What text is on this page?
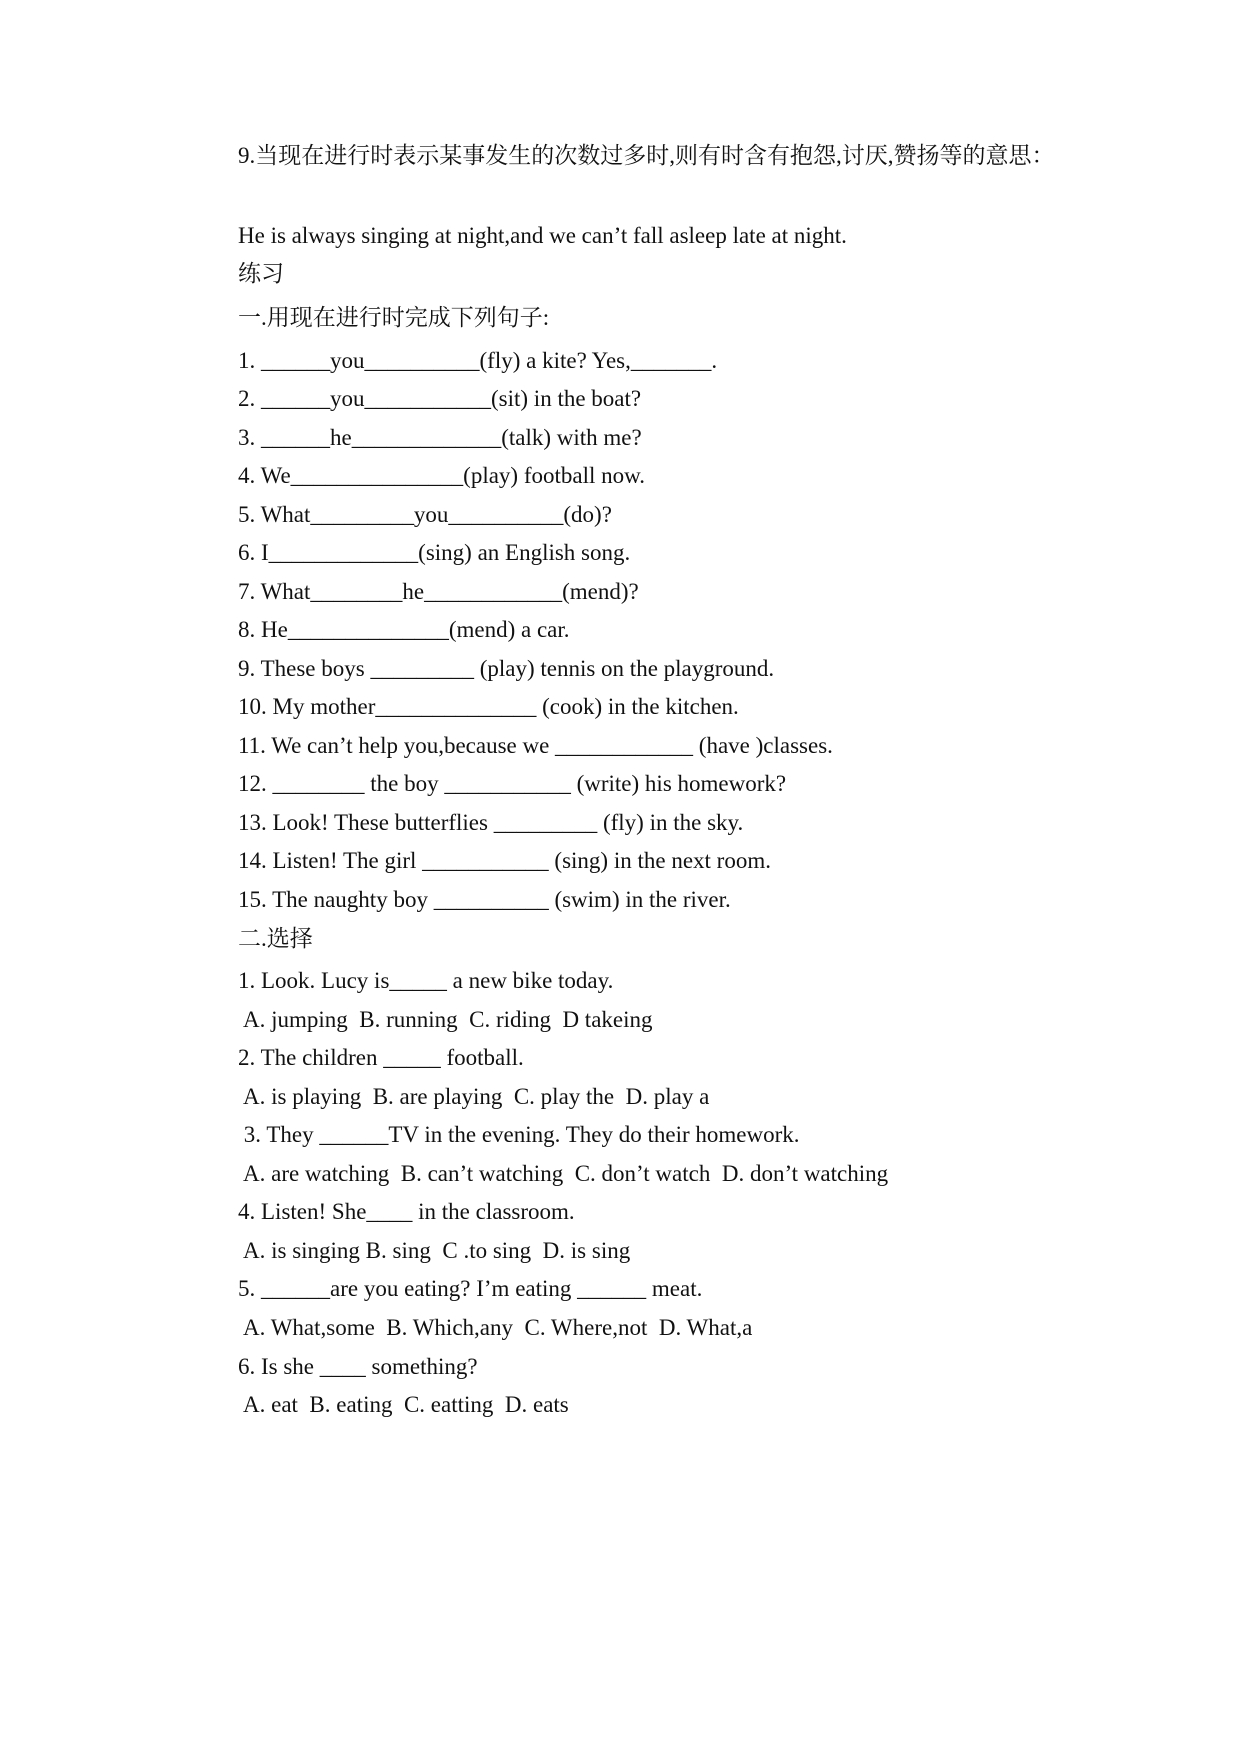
9.当现在进行时表示某事发生的次数过多时,则有时含有抱怨,讨厌,赞扬等的意思：

He is always singing at night,and we can’t fall asleep late at night.

练习

一.用现在进行时完成下列句子:

1. ______you__________(fly) a kite? Yes,_______.

2. ______you___________(sit) in the boat?

3. ______he_____________(talk) with me?

4. We_______________(play) football now.

5. What_________you__________(do)?

6. I_____________(sing) an English song.

7. What________he____________(mend)?

8. He______________(mend) a car.

9. These boys _________ (play) tennis on the playground.

10. My mother______________ (cook) in the kitchen.

11. We can’t help you,because we ____________ (have )classes.

12. ________ the boy ___________ (write) his homework?

13. Look! These butterflies _________ (fly) in the sky.

14. Listen! The girl ___________ (sing) in the next room.

15. The naughty boy __________ (swim) in the river.

二.选择

1. Look. Lucy is_____ a new bike today.

A. jumping  B. running  C. riding  D takeing

2. The children _____ football.

A. is playing  B. are playing  C. play the  D. play a

3. They ______TV in the evening. They do their homework.

A. are watching  B. can’t watching  C. don’t watch  D. don’t watching

4. Listen! She____ in the classroom.

A. is singing B. sing  C .to sing  D. is sing

5. ______are you eating? I’m eating ______ meat.

A. What,some  B. Which,any  C. Where,not  D. What,a

6. Is she ____ something?

A. eat  B. eating  C. eatting  D. eats
